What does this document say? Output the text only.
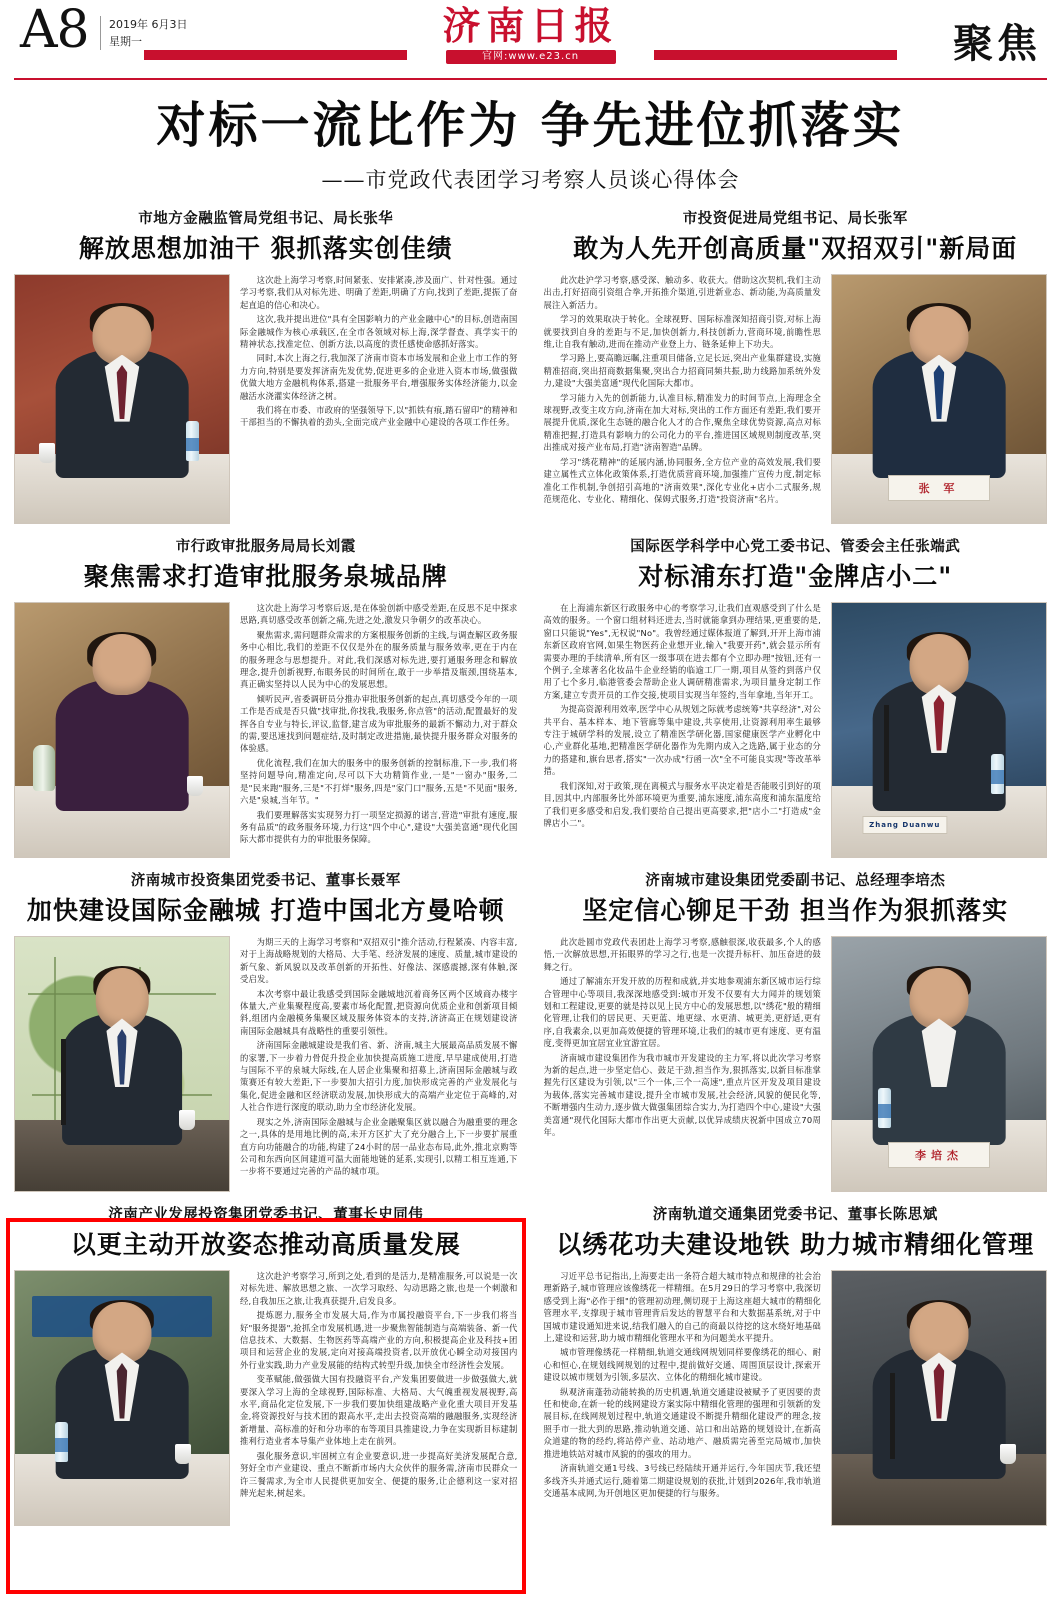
A8 2019年 6月3日
星期一	济南日报
官网:www.e23.cn	聚焦
对标一流比作为 争先进位抓落实
——市党政代表团学习考察人员谈心得体会
市地方金融监管局党组书记、局长张华
解放思想加油干 狠抓落实创佳绩

这次赴上海学习考察,时间紧张、安排紧凑,涉及面广、针对性强。通过学习考察,我们从对标先进、明确了差距,明确了方向,找到了差距,提振了奋起直追的信心和决心。

这次,我并提出进位"具有全国影响力的产业金融中心"的目标,创造南国际金融城作为核心承载区,在全市各领域对标上海,深学督查、真学实干的精神状态,找准定位、创新方法,以高度的责任感使命感抓好落实。

同时,本次上海之行,我加深了济南市资本市场发展和企业上市工作的努力方向,特别是要发挥济南先发优势,促进更多的企业进入资本市场,做强做优做大地方金融机构体系,搭建一批服务平台,增强服务实体经济能力,以金融活水浇灌实体经济之树。

我们将在市委、市政府的坚强领导下,以"抓铁有痕,踏石留印"的精神和干部担当的不懈执着的劲头,全面完成产业金融中心建设的各项工作任务。

市投资促进局党组书记、局长张军
敢为人先开创高质量"双招双引"新局面
张 军

此次赴沪学习考察,感受深、触动多、收获大。借助这次契机,我们主动出击,打好招商引资组合拳,开拓推介渠道,引进新业态、新动能,为高质量发展注入新活力。

学习的效果取决于转化。全球视野、国际标准深知招商引资,对标上海就要找到自身的差距与不足,加快创新力,科技创新力,营商环境,前瞻性思维,让自我有触动,进而在推动产业登上力、链条延伸上下功夫。

学习路上,要高瞻远瞩,注重项目储备,立足长远,突出产业集群建设,实施精准招商,突出招商数据集聚,突出合力招商同频共振,助力线路加系统外发力,建设"大强美富通"现代化国际大都市。

学习能力入先的创新能力,认准目标,精准发力的时间节点,上海理念全球视野,改变主攻方向,济南在加大对标,突出的工作方面还有差距,我们要开展提升优质,深化生态链的融合化人才的合作,聚焦全球优势资源,高点对标精准把握,打造具有影响力的公司化力的平台,推进国区域规则制度改革,突出推成对接产业布局,打造"济南智造"品牌。

学习"绣花精神"的延展内涵,协同服务,全方位产业的高效发展,我们要建立属性式立体化政策体系,打造优质营商环境,加强推广宣传力度,制定标准化工作机制,争创招引高地的"济南效果",深化专业化+店小二式服务,规范规范化、专业化、精细化、保姆式服务,打造"投资济南"名片。

市行政审批服务局局长刘霞
聚焦需求打造审批服务泉城品牌

这次赴上海学习考察后返,是在体验创新中感受差距,在反思不足中探求思路,真切感受改革创新之痛,先进之处,激发只争朝夕的改革决心。

聚焦需求,需问题群众需求的方案根服务创新的主线,与调查解区政务服务中心相比,我们的差距不仅仅是外在的服务质量与服务效率,更在于内在的服务理念与思想提升。对此,我们深感对标先进,要打通服务理念和解放理念,提升创新视野,布眼务民的时间所在,敢于一步举措及瓶颈,围绕基本,真正确实坚持以人民为中心的发展思想。

倾听民声,省委调研员分推办审批服务创新的起点,真切感受今年的一项工作是否成是否只做"找审批,你找我,我服务,你点管"的活动,配置最好的发挥各自专业与特长,评议,监督,建言成为审批服务的最新不懈动力,对于群众的需,要迅速找到问题症结,及时制定改进措施,最快提升服务群众对服务的体验感。

优化流程,我们在加大的服务中的服务创新的控制标准,下一步,我们将坚持问题导向,精准定向,尽可以下大功精简作业,一是"一窗办"服务,二是"民来跑"服务,三是"不打烊"服务,四是"家门口"服务,五是"不见面"服务,六是"泉城,当年节。"

我们要理解落实实现努力打一项坚定损源的诺言,营造"审批有速度,服务有品质"的政务服务环境,力行这"四个中心",建设"大强美富通"现代化国际大都市提供有力的审批服务保障。

国际医学科学中心党工委书记、管委会主任张端武
对标浦东打造"金牌店小二"
Zhang Duanwu

在上海浦东新区行政服务中心的考察学习,让我们直观感受到了什么是高效的服务。一个窗口组材料还进去,当时就能拿到办理结果,更重要的是,窗口只能说"Yes",无权说"No"。我曾经通过媒体报道了解到,开开上海市浦东新区政府官网,如果生物医药企业想开业,输入"我要开药",就会显示所有需要办理的手续清单,所有区一级事项在进去都有个立即办理"按钮,还有一个例子,全球著名化妆品牛企业经销的临逾工厂一期,项目从签约到落户仅用了七个多月,临港管委会帮助企业人调研精准需求,为项目量身定制工作方案,建立专责开员的工作交接,使项目实现当年签约,当年拿地,当年开工。

为提高资源利用效率,医学中心从规划之际就考虑统筹"共享经济",对公共平台、基本样本、地下管廊等集中建设,共享使用,让资源利用率生最够专注于城研学科的发展,设立了精准医学研化器,国家健康医学产业孵化中心,产业群化基地,把精准医学研化器作为先期内成入之选路,属于业态的分力的搭建和,旗台思者,搭实"一次办成"行函一次"全不可能良实现"等改革举措。

我们深知,对于政策,现在离模式与服务水平决定着是否能吸引到好的项目,因其中,内部服务比外部环境更为重要,浦东速度,浦东高度和浦东温度给了我们更多感受和启发,我们要给自己提出更高要求,把"店小二"打造成"金牌店小二"。

济南城市投资集团党委书记、董事长聂军
加快建设国际金融城 打造中国北方曼哈顿

为期三天的上海学习考察和"双招双引"推介活动,行程紧凑、内容丰富,对于上海战略规划的大格局、大手笔、经济发展的速度、质量,城市建设的新气象、新风貌以及改革创新的开拓性、好像法、深感震撼,深有体触,深受启发。

本次考察中最让我感受到国际金融城地沉着商务区两个区域商办楼宇体量大,产业集聚程度高,要素市场化配置,把资源向优质企业和创新项目倾斜,组团内金融模务集聚区域及服务体资本的支持,济济高正在规划建设济南国际金融城具有战略性的重要引领性。

济南国际金融城建设是我们省、新、济南,城主大展最高品质发展不懈的家署,下一步着力骨促升投企业加快提高质施工进度,早早建成使用,打造与国际不平的泉城大际线,在人居企业集聚和招募上,济南国际金融城与政策赛还有较大差距,下一步要加大招引力度,加快形成完善的产业发展化与集化,促进金融和区经济联动发展,加快形成大的高端产业定位于高峰的,对人社合作进行深度的联动,助力全市经济化发展。

现实之外,济南国际金融城与企业金融聚集区就以融合为融重要的理念之一,具体的是用地比例的高,未开方区扩大了充分融合上,下一步要扩展重直方向功能融合的功能,构建了24小时的居一品业态布局,此外,推北京购等公司和东西向区间建道可温大面能地链的延系,实现引,以精工相互连通,下一步将不要通过完善的产品的城市项。

济南城市建设集团党委副书记、总经理李培杰
坚定信心铆足干劲 担当作为狠抓落实
李培杰

此次赴圆市党政代表团赴上海学习考察,感触很深,收获最多,个人的感悟,一次解放思想,开拓眼界的学习之行,也是一次提升标杆、加压奋进的鼓舞之行。

通过了解浦东开发开放的历程和成就,并实地参观浦东新区城市运行综合管理中心等项目,我深深地感受到:城市开发不仅要有大力闻并的规划策划和工程建设,更要的就是持以见上民方中心的发展思想,以"绣花"般的精细化管理,让我们的居民更、天更蓝、地更绿、水更清、城更美,更舒适,更有序,自我素余,以更加高效便捷的管理环境,让我们的城市更有速度、更有温度,变得更加宜居宜业宜游宜居。

济南城市建设集团作为我市城市开发建设的主力军,将以此次学习考察为新的起点,进一步坚定信心、鼓足干劲,担当作为,狠抓落实,以新目标准掌握先行区建设为引领,以"三个一体,三个一高速",重点片区开发及项目建设为载体,落实完善城市建设,提升全市城市发展,社会经济,风貌的便民化等,不断增强内生动力,逐步做大做强集团综合实力,为打造四个中心,建设"大强美富通"现代化国际大都市作出更大贡献,以优异成绩庆祝新中国成立70周年。

济南产业发展投资集团党委书记、董事长史同伟
以更主动开放姿态推动高质量发展

这次赴沪考察学习,所到之处,看到的是活力,是精准服务,可以说是一次对标先进、解放思想之旅、一次学习取经、勾动思路之旅,也是一个刺激和经,自我加压之旅,让我真获提升,启发良多。

提炼愿力,服务全市发展大局,作为市属投融资平台,下一步我们将当好"服务提器",抢抓全市发展机遇,进一步聚焦智能制造与高端装备、新一代信息技术、大数据、生物医药等高端产业的方向,积极提高企业及科技+团项目和运营企业的发展,定向对接高端投资者,以开放优心瞬全动对接国内外行业实践,助力产业发展能的结构式转型升级,加快全市经济性会发展。

变革赋能,做强做大国有投融资平台,产发集团要做进一步做强做大,就要深入学习上海的全球视野,国际标准、大格局、大气魄重视发展视野,高水平,商品化定位发展,下一步我们要加快组建战略产业化重大项目开发基金,将资源投好与技术团的跟高水平,走出去投资高端的融融服务,实现经济新增量、高标准的好和分功率的布等项目具推建设,力争在实现新目标建制推利行造业者本导集产业体地上走在前列。

强化服务意识,牢固树立有企业要意识,进一步提高好美济发展配合意,努好全市产业建设、重点不断新市场内大众伙伴的服务需,济南市民群众一许三餐需求,为全市人民提供更加安全、便捷的服务,让企德利这一家对招牌光起来,树起来。

济南轨道交通集团党委书记、董事长陈思斌
以绣花功夫建设地铁 助力城市精细化管理

习近平总书记指出,上海要走出一条符合超大城市特点和规律的社会治理新路子,城市管理应该像绣花一样精细。在5月29日的学习考察中,我深切感受到上海"必作于细"的管理初动理,侧切现于上海这座超大城市的精细化管理水平,支撑现于城市管理背后发达的智慧平台和大数据基系统,对于中国城市建设通知进来说,结我们融入的自己的商最以待挖的这水绕好地基础上,建设和运营,助力城市精细化管理水平和为问题美水平提升。

城市管理像绣花一样精细,轨道交通线网规划同样要像绣花的细心、耐心和恒心,在规划线网规划的过程中,提前做好交通、周围顶层设计,探索开建设以城市规划为引领,多层次、立体化的精细化城市建设。

纵观济南蓬勃动能转换的历史机遇,轨道交通建设被赋予了更因要的责任和使命,在新一轮的线网建设方案实际中精细化管理的强理和引领新的发展目标,在线网规划过程中,轨道交通建设不断提升精细化建设严的理念,按照手市一批大到的思路,推动轨道交通、站口和出站路的规划设计,在新高众道建的物的经约,将站停产业、站动地产、融质需完善至完局城市,加快推进地铁站对城市风貌的的强攻的用力。

济南轨道交通1号线、3号线已经陆续开通并运行,今年国庆节,我还望多线齐头并通式运行,随着第二期建设规划的获批,计划到2026年,我市轨道交通基本成网,为开创地区更加便捷的行与服务。
